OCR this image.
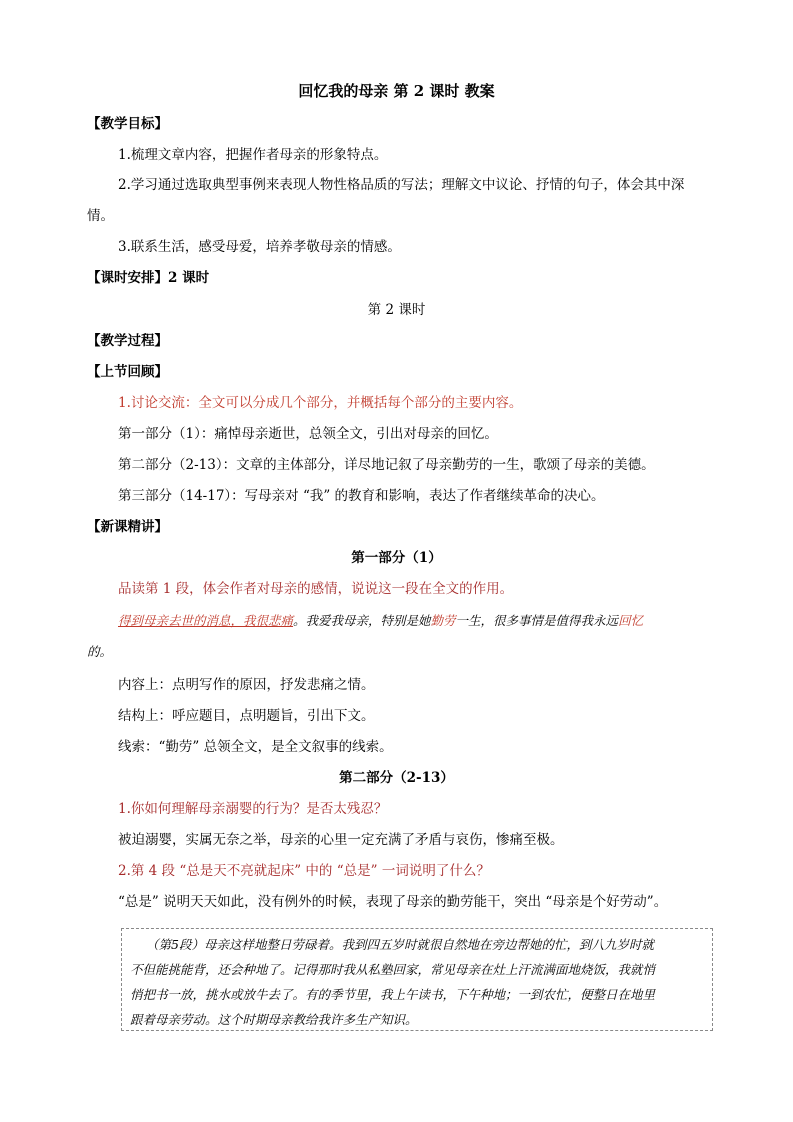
回忆我的母亲 第 2 课时 教案
【教学目标】
1.梳理文章内容，把握作者母亲的形象特点。
2.学习通过选取典型事例来表现人物性格品质的写法；理解文中议论、抒情的句子，体会其中深
情。
3.联系生活，感受母爱，培养孝敬母亲的情感。
【课时安排】2 课时
第 2 课时
【教学过程】
【上节回顾】
1.讨论交流：全文可以分成几个部分，并概括每个部分的主要内容。
第一部分（1）：痛悼母亲逝世，总领全文，引出对母亲的回忆。
第二部分（2-13）：文章的主体部分，详尽地记叙了母亲勤劳的一生，歌颂了母亲的美德。
第三部分（14-17）：写母亲对 “我” 的教育和影响，表达了作者继续革命的决心。
【新课精讲】
第一部分（1）
品读第 1 段，体会作者对母亲的感情，说说这一段在全文的作用。
得到母亲去世的消息，我很悲痛。我爱我母亲，特别是她勤劳一生，很多事情是值得我永远回忆
的。
内容上：点明写作的原因，抒发悲痛之情。
结构上：呼应题目，点明题旨，引出下文。
线索：“勤劳” 总领全文，是全文叙事的线索。
第二部分（2-13）
1.你如何理解母亲溺婴的行为？是否太残忍？
被迫溺婴，实属无奈之举，母亲的心里一定充满了矛盾与哀伤，惨痛至极。
2.第 4 段 “总是天不亮就起床” 中的 “总是” 一词说明了什么？
“总是” 说明天天如此，没有例外的时候，表现了母亲的勤劳能干，突出 “母亲是个好劳动”。
（第5段）母亲这样地整日劳碌着。我到四五岁时就很自然地在旁边帮她的忙，到八九岁时就
不但能挑能背，还会种地了。记得那时我从私塾回家，常见母亲在灶上汗流满面地烧饭，我就悄
悄把书一放，挑水或放牛去了。有的季节里，我上午读书，下午种地；一到农忙，便整日在地里
跟着母亲劳动。这个时期母亲教给我许多生产知识。
